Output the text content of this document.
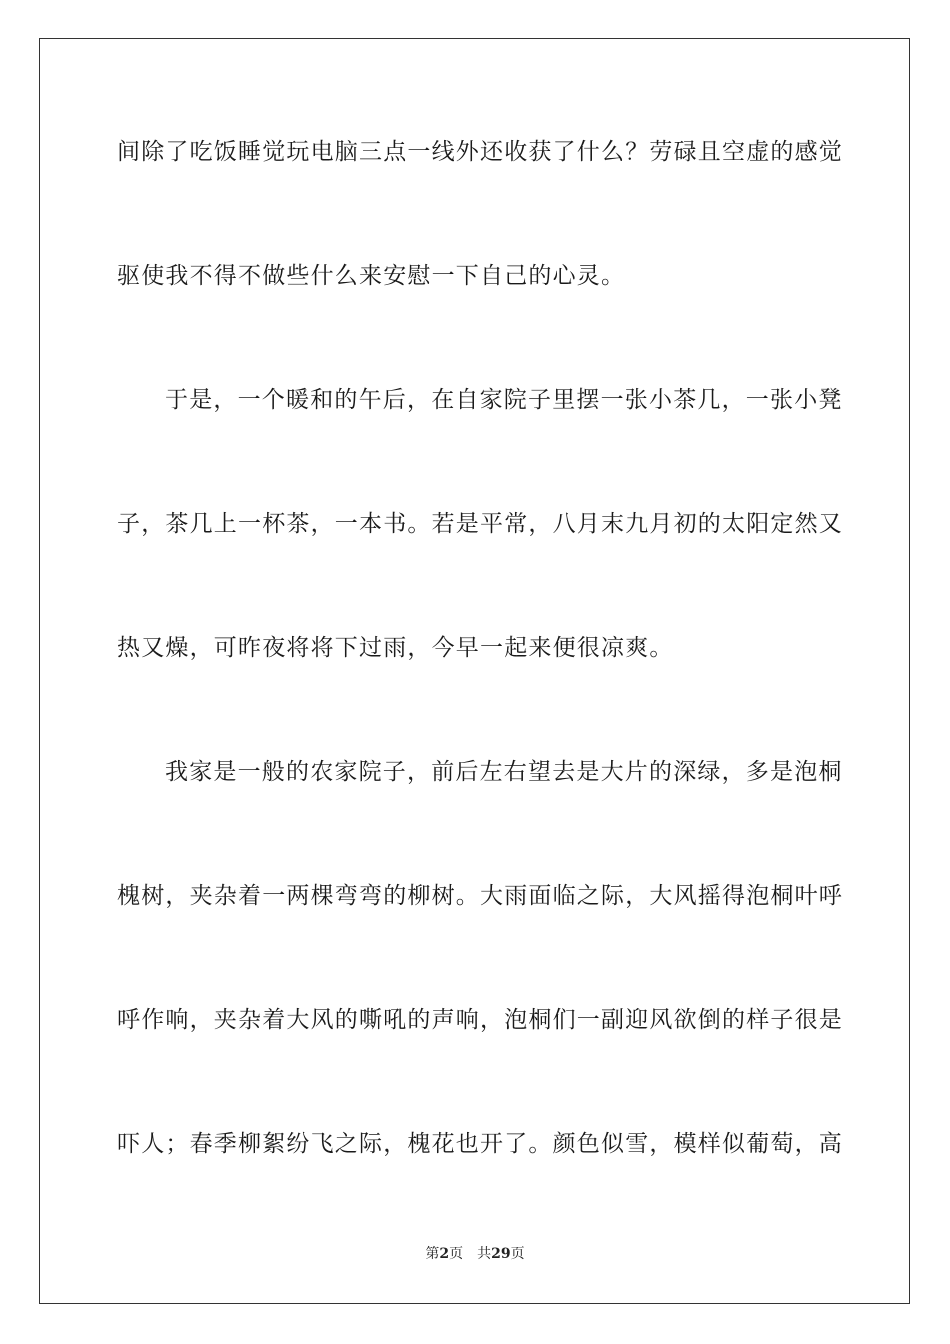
间除了吃饭睡觉玩电脑三点一线外还收获了什么？劳碌且空虚的感觉
驱使我不得不做些什么来安慰一下自己的心灵。
于是，一个暖和的午后，在自家院子里摆一张小茶几，一张小凳
子，茶几上一杯茶，一本书。若是平常，八月末九月初的太阳定然又
热又燥，可昨夜将将下过雨，今早一起来便很凉爽。
我家是一般的农家院子，前后左右望去是大片的深绿，多是泡桐
槐树，夹杂着一两棵弯弯的柳树。大雨面临之际，大风摇得泡桐叶呼
呼作响，夹杂着大风的嘶吼的声响，泡桐们一副迎风欲倒的样子很是
吓人；春季柳絮纷飞之际，槐花也开了。颜色似雪，模样似葡萄，高
第2页 共29页
